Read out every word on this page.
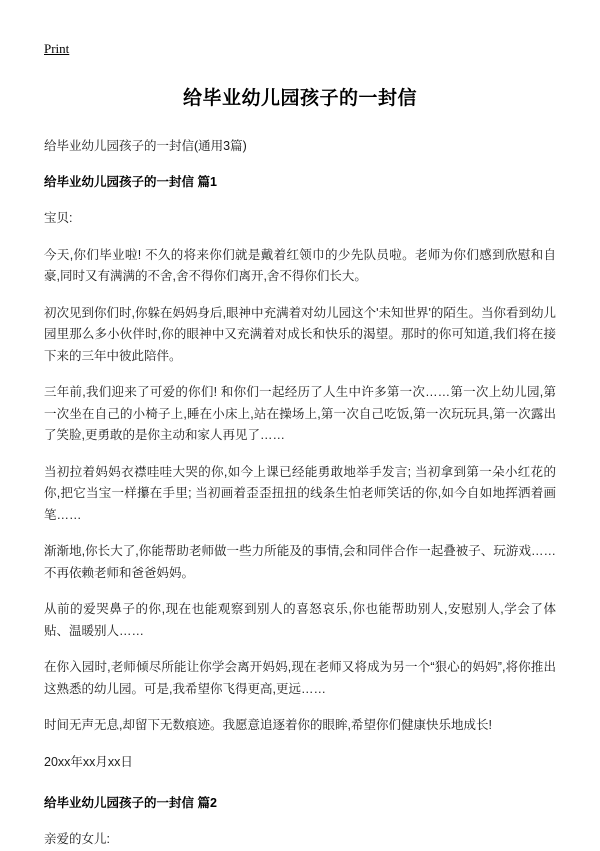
Print
给毕业幼儿园孩子的一封信

给毕业幼儿园孩子的一封信(通用3篇)

给毕业幼儿园孩子的一封信 篇1

宝贝:

今天,你们毕业啦! 不久的将来你们就是戴着红领巾的少先队员啦。老师为你们感到欣慰和自豪,同时又有满满的不舍,舍不得你们离开,舍不得你们长大。

初次见到你们时,你躲在妈妈身后,眼神中充满着对幼儿园这个'未知世界'的陌生。当你看到幼儿园里那么多小伙伴时,你的眼神中又充满着对成长和快乐的渴望。那时的你可知道,我们将在接下来的三年中彼此陪伴。

三年前,我们迎来了可爱的你们! 和你们一起经历了人生中许多第一次……第一次上幼儿园,第一次坐在自己的小椅子上,睡在小床上,站在操场上,第一次自己吃饭,第一次玩玩具,第一次露出了笑脸,更勇敢的是你主动和家人再见了……

当初拉着妈妈衣襟哇哇大哭的你,如今上课已经能勇敢地举手发言; 当初拿到第一朵小红花的你,把它当宝一样攥在手里; 当初画着歪歪扭扭的线条生怕老师笑话的你,如今自如地挥洒着画笔……

渐渐地,你长大了,你能帮助老师做一些力所能及的事情,会和同伴合作一起叠被子、玩游戏……不再依赖老师和爸爸妈妈。

从前的爱哭鼻子的你,现在也能观察到别人的喜怒哀乐,你也能帮助别人,安慰别人,学会了体贴、温暖别人……

在你入园时,老师倾尽所能让你学会离开妈妈,现在老师又将成为另一个“狠心的妈妈”,将你推出这熟悉的幼儿园。可是,我希望你飞得更高,更远……

时间无声无息,却留下无数痕迹。我愿意追逐着你的眼眸,希望你们健康快乐地成长!

20xx年xx月xx日

给毕业幼儿园孩子的一封信 篇2

亲爱的女儿:
